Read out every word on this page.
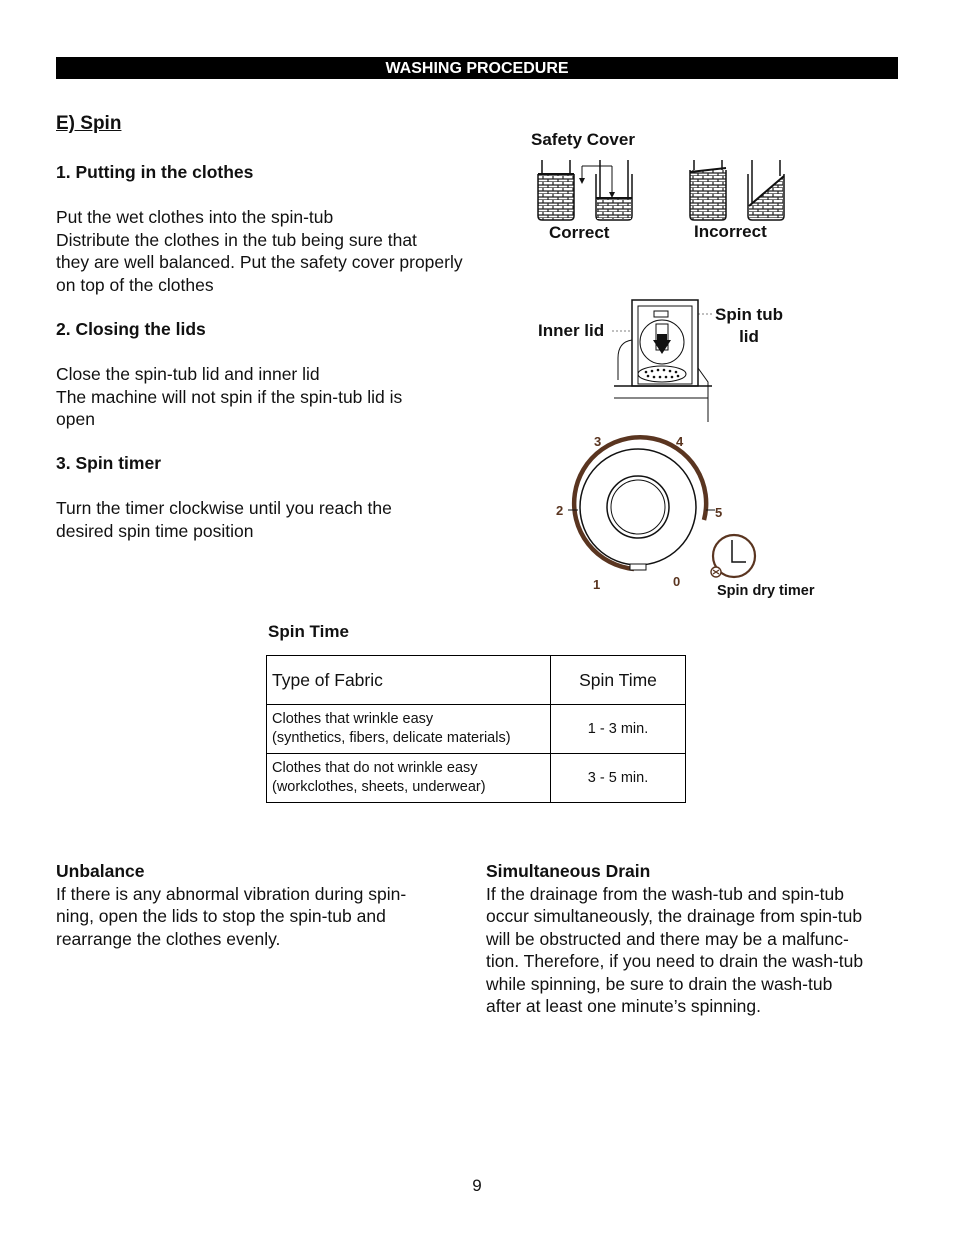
WASHING PROCEDURE
E) Spin
1. Putting in the clothes
Put the wet clothes into the spin-tub
Distribute the clothes in the tub being sure that
they are well balanced. Put the safety cover properly
on top of the clothes
2. Closing the lids
Close the spin-tub lid and inner lid
The machine will not spin if the spin-tub lid is
open
3. Spin timer
Turn the timer clockwise until you reach the
desired spin time position
Safety Cover
Correct	Incorrect
Inner lid
Spin tub
lid
3	4
2	5
1	0
Spin dry timer
Spin Time
Type of Fabric	Spin Time

Clothes that wrinkle easy
(synthetics, fibers, delicate materials)	1 - 3 min.

Clothes that do not wrinkle easy
(workclothes, sheets, underwear)	3 - 5 min.
Unbalance
If there is any abnormal vibration during spin-
ning, open the lids to stop the spin-tub and
rearrange the clothes evenly.
Simultaneous Drain
If the drainage from the wash-tub and spin-tub
occur simultaneously, the drainage from spin-tub
will be obstructed and there may be a malfunc-
tion. Therefore, if you need to drain the wash-tub
while spinning, be sure to drain the wash-tub
after at least one minute’s spinning.
9
